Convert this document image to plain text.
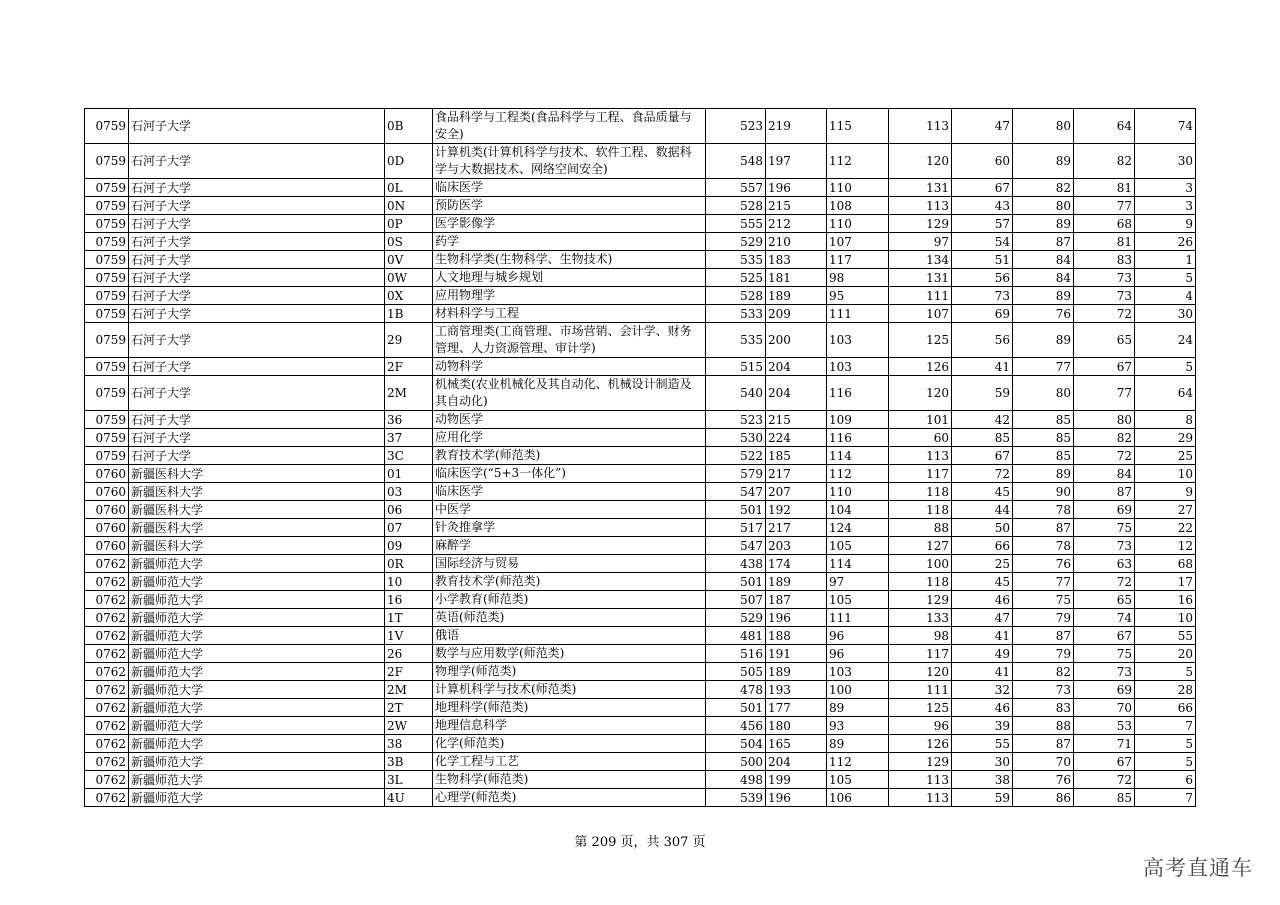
0759	石河子大学	0B	食品科学与工程类(食品科学与工程、食品质量与安全)	523	219	115	113	47	80	64	74
0759	石河子大学	0D	计算机类(计算机科学与技术、软件工程、数据科学与大数据技术、网络空间安全)	548	197	112	120	60	89	82	30
0759	石河子大学	0L	临床医学	557	196	110	131	67	82	81	3
0759	石河子大学	0N	预防医学	528	215	108	113	43	80	77	3
0759	石河子大学	0P	医学影像学	555	212	110	129	57	89	68	9
0759	石河子大学	0S	药学	529	210	107	97	54	87	81	26
0759	石河子大学	0V	生物科学类(生物科学、生物技术)	535	183	117	134	51	84	83	1
0759	石河子大学	0W	人文地理与城乡规划	525	181	98	131	56	84	73	5
0759	石河子大学	0X	应用物理学	528	189	95	111	73	89	73	4
0759	石河子大学	1B	材料科学与工程	533	209	111	107	69	76	72	30
0759	石河子大学	29	工商管理类(工商管理、市场营销、会计学、财务管理、人力资源管理、审计学)	535	200	103	125	56	89	65	24
0759	石河子大学	2F	动物科学	515	204	103	126	41	77	67	5
0759	石河子大学	2M	机械类(农业机械化及其自动化、机械设计制造及其自动化)	540	204	116	120	59	80	77	64
0759	石河子大学	36	动物医学	523	215	109	101	42	85	80	8
0759	石河子大学	37	应用化学	530	224	116	60	85	85	82	29
0759	石河子大学	3C	教育技术学(师范类)	522	185	114	113	67	85	72	25
0760	新疆医科大学	01	临床医学(“5+3一体化”)	579	217	112	117	72	89	84	10
0760	新疆医科大学	03	临床医学	547	207	110	118	45	90	87	9
0760	新疆医科大学	06	中医学	501	192	104	118	44	78	69	27
0760	新疆医科大学	07	针灸推拿学	517	217	124	88	50	87	75	22
0760	新疆医科大学	09	麻醉学	547	203	105	127	66	78	73	12
0762	新疆师范大学	0R	国际经济与贸易	438	174	114	100	25	76	63	68
0762	新疆师范大学	10	教育技术学(师范类)	501	189	97	118	45	77	72	17
0762	新疆师范大学	16	小学教育(师范类)	507	187	105	129	46	75	65	16
0762	新疆师范大学	1T	英语(师范类)	529	196	111	133	47	79	74	10
0762	新疆师范大学	1V	俄语	481	188	96	98	41	87	67	55
0762	新疆师范大学	26	数学与应用数学(师范类)	516	191	96	117	49	79	75	20
0762	新疆师范大学	2F	物理学(师范类)	505	189	103	120	41	82	73	5
0762	新疆师范大学	2M	计算机科学与技术(师范类)	478	193	100	111	32	73	69	28
0762	新疆师范大学	2T	地理科学(师范类)	501	177	89	125	46	83	70	66
0762	新疆师范大学	2W	地理信息科学	456	180	93	96	39	88	53	7
0762	新疆师范大学	38	化学(师范类)	504	165	89	126	55	87	71	5
0762	新疆师范大学	3B	化学工程与工艺	500	204	112	129	30	70	67	5
0762	新疆师范大学	3L	生物科学(师范类)	498	199	105	113	38	76	72	6
0762	新疆师范大学	4U	心理学(师范类)	539	196	106	113	59	86	85	7
第 209 页，共 307 页
高考直通车
